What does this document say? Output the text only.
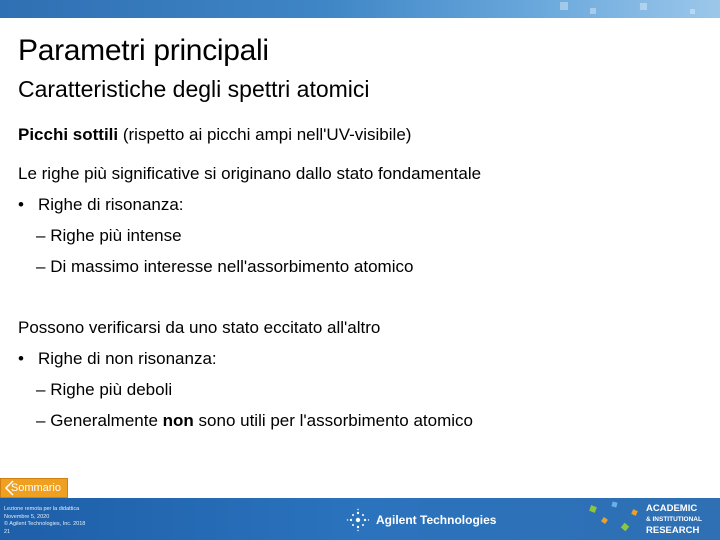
Parametri principali
Caratteristiche degli spettri atomici
Picchi sottili (rispetto ai picchi ampi nell'UV-visibile)
Le righe più significative si originano dallo stato fondamentale
• Righe di risonanza:
– Righe più intense
– Di massimo interesse nell'assorbimento atomico
Possono verificarsi da uno stato eccitato all'altro
• Righe di non risonanza:
– Righe più deboli
– Generalmente non sono utili per l'assorbimento atomico
Sommario
Lezione remota per la didattica
Novembre 5, 2020
© Agilent Technologies, Inc. 2018
21
Agilent Technologies
ACADEMIC
& INSTITUTIONAL
RESEARCH
